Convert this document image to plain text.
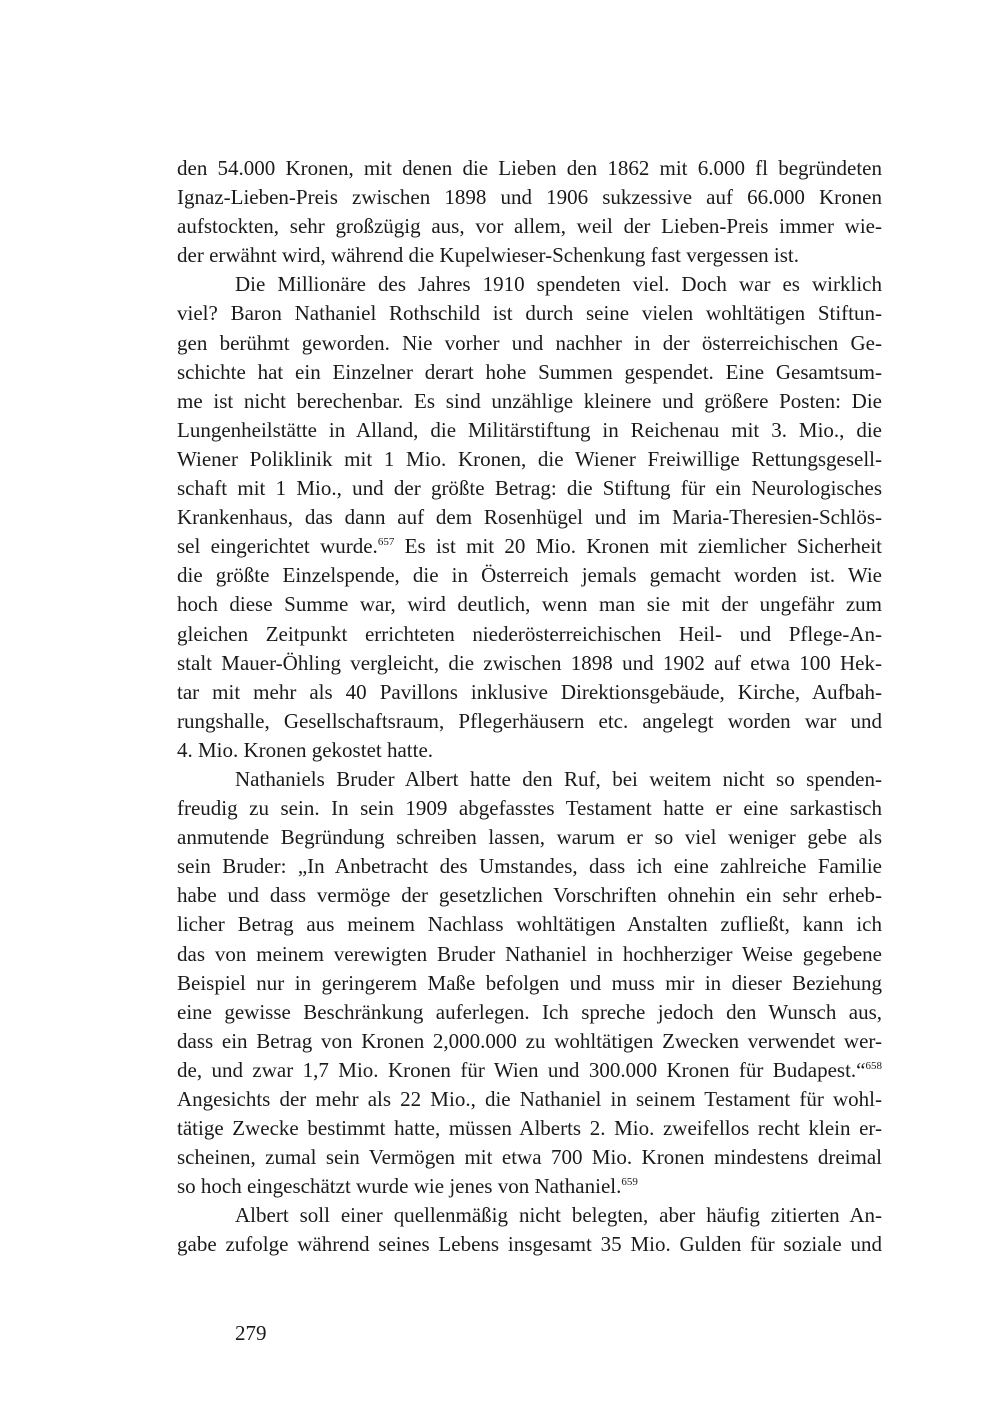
den 54.000 Kronen, mit denen die Lieben den 1862 mit 6.000 fl begründeten
Ignaz-Lieben-Preis zwischen 1898 und 1906 sukzessive auf 66.000 Kronen
aufstockten, sehr großzügig aus, vor allem, weil der Lieben-Preis immer wie-
der erwähnt wird, während die Kupelwieser-Schenkung fast vergessen ist.

Die Millionäre des Jahres 1910 spendeten viel. Doch war es wirklich
viel? Baron Nathaniel Rothschild ist durch seine vielen wohltätigen Stiftun-
gen berühmt geworden. Nie vorher und nachher in der österreichischen Ge-
schichte hat ein Einzelner derart hohe Summen gespendet. Eine Gesamtsum-
me ist nicht berechenbar. Es sind unzählige kleinere und größere Posten: Die
Lungenheilstätte in Alland, die Militärstiftung in Reichenau mit 3. Mio., die
Wiener Poliklinik mit 1 Mio. Kronen, die Wiener Freiwillige Rettungsgesell-
schaft mit 1 Mio., und der größte Betrag: die Stiftung für ein Neurologisches
Krankenhaus, das dann auf dem Rosenhügel und im Maria-Theresien-Schlös-
sel eingerichtet wurde.$^{657}$ Es ist mit 20 Mio. Kronen mit ziemlicher Sicherheit
die größte Einzelspende, die in Österreich jemals gemacht worden ist. Wie
hoch diese Summe war, wird deutlich, wenn man sie mit der ungefähr zum
gleichen Zeitpunkt errichteten niederösterreichischen Heil- und Pflege-An-
stalt Mauer-Öhling vergleicht, die zwischen 1898 und 1902 auf etwa 100 Hek-
tar mit mehr als 40 Pavillons inklusive Direktionsgebäude, Kirche, Aufbah-
rungshalle, Gesellschaftsraum, Pflegerhäusern etc. angelegt worden war und
4. Mio. Kronen gekostet hatte.

Nathaniels Bruder Albert hatte den Ruf, bei weitem nicht so spenden-
freudig zu sein. In sein 1909 abgefasstes Testament hatte er eine sarkastisch
anmutende Begründung schreiben lassen, warum er so viel weniger gebe als
sein Bruder: „In Anbetracht des Umstandes, dass ich eine zahlreiche Familie
habe und dass vermöge der gesetzlichen Vorschriften ohnehin ein sehr erheb-
licher Betrag aus meinem Nachlass wohltätigen Anstalten zufließt, kann ich
das von meinem verewigten Bruder Nathaniel in hochherziger Weise gegebene
Beispiel nur in geringerem Maße befolgen und muss mir in dieser Beziehung
eine gewisse Beschränkung auferlegen. Ich spreche jedoch den Wunsch aus,
dass ein Betrag von Kronen 2,000.000 zu wohltätigen Zwecken verwendet wer-
de, und zwar 1,7 Mio. Kronen für Wien und 300.000 Kronen für Budapest.“$^{658}$
Angesichts der mehr als 22 Mio., die Nathaniel in seinem Testament für wohl-
tätige Zwecke bestimmt hatte, müssen Alberts 2. Mio. zweifellos recht klein er-
scheinen, zumal sein Vermögen mit etwa 700 Mio. Kronen mindestens dreimal
so hoch eingeschätzt wurde wie jenes von Nathaniel.$^{659}$

Albert soll einer quellenmäßig nicht belegten, aber häufig zitierten An-
gabe zufolge während seines Lebens insgesamt 35 Mio. Gulden für soziale und

279
